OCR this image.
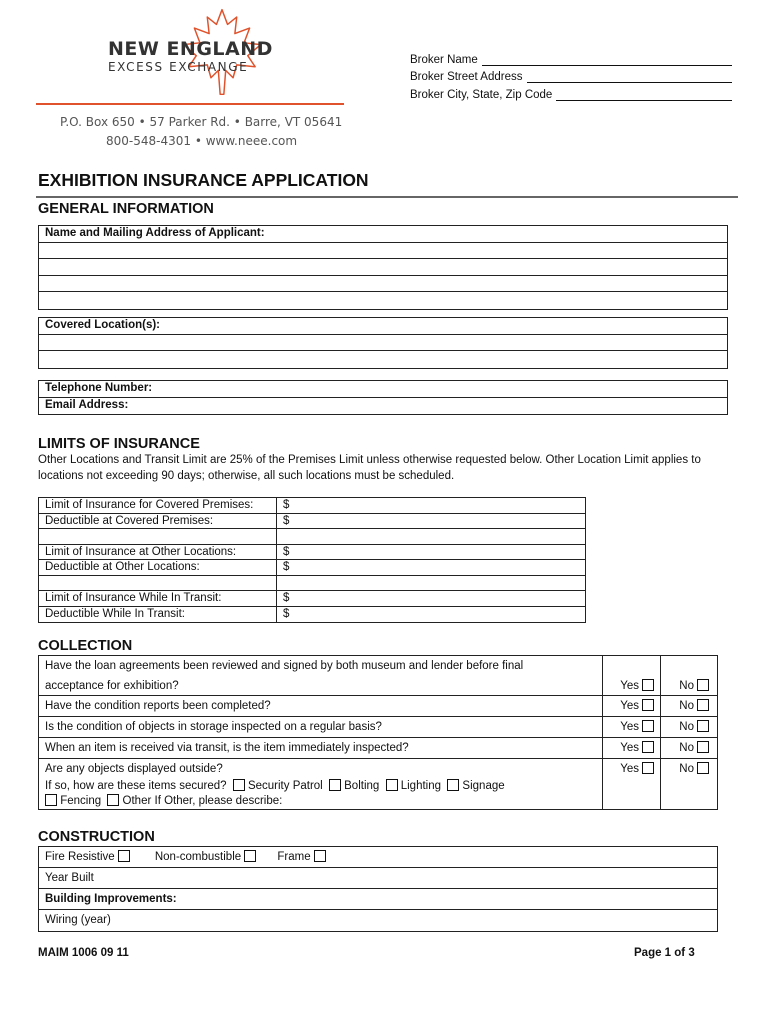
NEW ENGLAND
EXCESS EXCHANGE
P.O. Box 650 • 57 Parker Rd. • Barre, VT 05641
800-548-4301 • www.neee.com
Broker Name
Broker Street Address
Broker City, State, Zip Code
EXHIBITION INSURANCE APPLICATION
GENERAL INFORMATION
Name and Mailing Address of Applicant:
Covered Location(s):
Telephone Number:
Email Address:
LIMITS OF INSURANCE
Other Locations and Transit Limit are 25% of the Premises Limit unless otherwise requested below. Other Location Limit applies to locations not exceeding 90 days; otherwise, all such locations must be scheduled.
Limit of Insurance for Covered Premises:	$
Deductible at Covered Premises:	$
Limit of Insurance at Other Locations:	$
Deductible at Other Locations:	$
Limit of Insurance While In Transit:	$
Deductible While In Transit:	$
COLLECTION
Have the loan agreements been reviewed and signed by both museum and lender before final
acceptance for exhibition?	Yes	No
Have the condition reports been completed?	Yes	No
Is the condition of objects in storage inspected on a regular basis?	Yes	No
When an item is received via transit, is the item immediately inspected?	Yes	No
Are any objects displayed outside?
If so, how are these items secured? Security Patrol Bolting Lighting Signage
Fencing Other If Other, please describe:
Yes	No
CONSTRUCTION
Fire Resistive	Non-combustible	Frame
Year Built
Building Improvements:
Wiring (year)
MAIM 1006 09 11	Page 1 of 3
